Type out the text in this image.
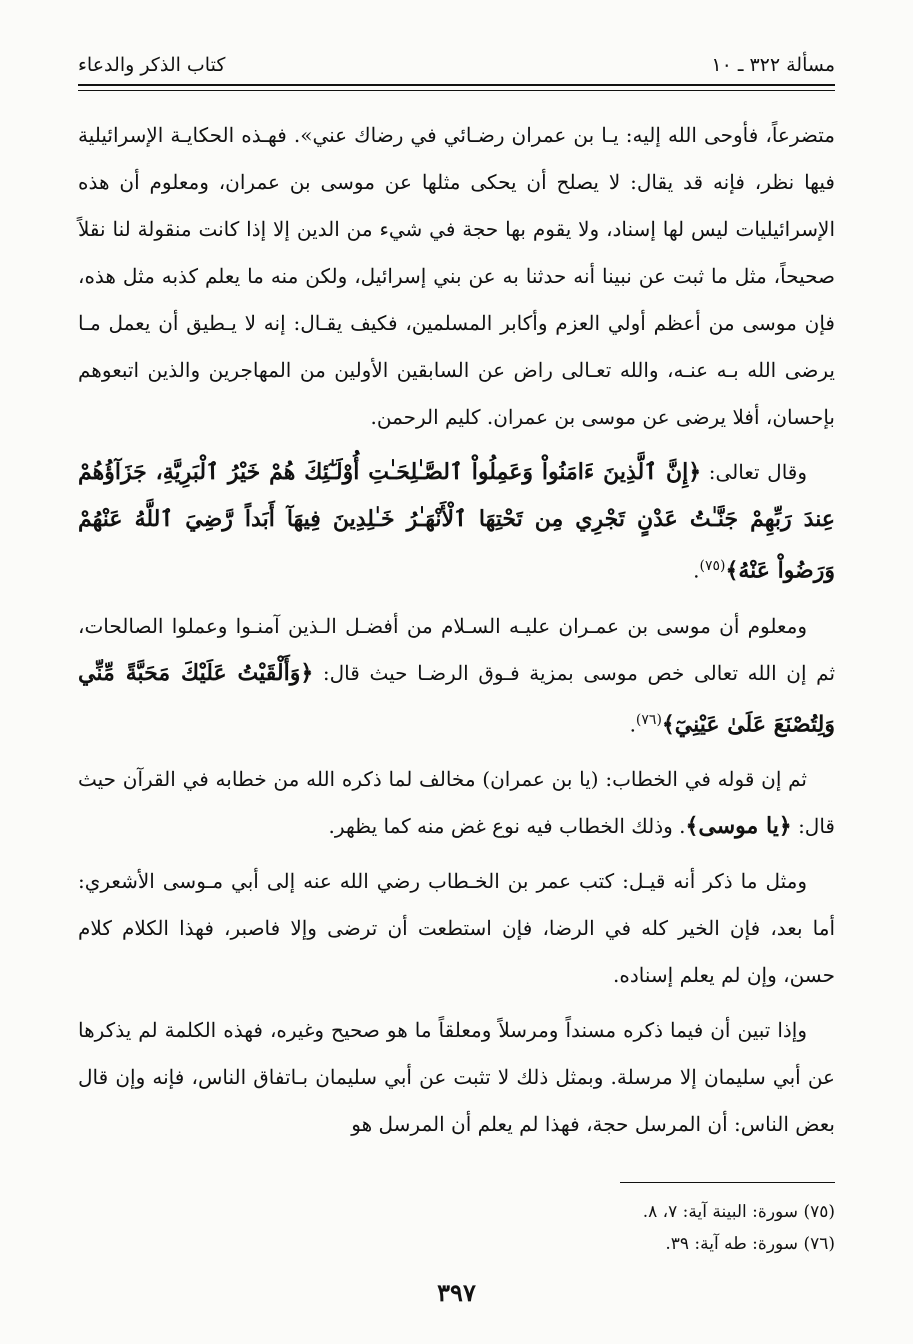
مسألة ٣٢٢ ـ ١٠
كتاب الذكر والدعاء

متضرعاً، فأوحى الله إليه: يـا بن عمران رضـائي في رضاك عني». فهـذه الحكايـة الإسرائيلية فيها نظر، فإنه قد يقال: لا يصلح أن يحكى مثلها عن موسى بن عمران، ومعلوم أن هذه الإسرائيليات ليس لها إسناد، ولا يقوم بها حجة في شيء من الدين إلا إذا كانت منقولة لنا نقلاً صحيحاً، مثل ما ثبت عن نبينا أنه حدثنا به عن بني إسرائيل، ولكن منه ما يعلم كذبه مثل هذه، فإن موسى من أعظم أولي العزم وأكابر المسلمين، فكيف يقـال: إنه لا يـطيق أن يعمل مـا يرضى الله بـه عنـه، والله تعـالى راض عن السابقين الأولين من المهاجرين والذين اتبعوهم بإحسان، أفلا يرضى عن موسى بن عمران. كليم الرحمن.

وقال تعالى: ﴿إِنَّ ٱلَّذِينَ ءَامَنُواْ وَعَمِلُواْ ٱلصَّـٰلِحَـٰتِ أُوْلَـٰٓئِكَ هُمْ خَيْرُ ٱلْبَرِيَّةِ، جَزَآؤُهُمْ عِندَ رَبِّهِمْ جَنَّـٰتُ عَدْنٍ تَجْرِي مِن تَحْتِهَا ٱلْأَنْهَـٰرُ خَـٰلِدِينَ فِيهَآ أَبَداً رَّضِيَ ٱللَّهُ عَنْهُمْ وَرَضُواْ عَنْهُ﴾$^{(٧٥)}$.

ومعلوم أن موسى بن عمـران عليـه السـلام من أفضـل الـذين آمنـوا وعملوا الصالحات، ثم إن الله تعالى خص موسى بمزية فـوق الرضـا حيث قال: ﴿وَأَلْقَيْتُ عَلَيْكَ مَحَبَّةً مِّنِّي وَلِتُصْنَعَ عَلَىٰ عَيْنِيٓ﴾$^{(٧٦)}$.

ثم إن قوله في الخطاب: (يا بن عمران) مخالف لما ذكره الله من خطابه في القرآن حيث قال: ﴿يا موسى﴾. وذلك الخطاب فيه نوع غض منه كما يظهر.

ومثل ما ذكر أنه قيـل: كتب عمر بن الخـطاب رضي الله عنه إلى أبي مـوسى الأشعري: أما بعد، فإن الخير كله في الرضا، فإن استطعت أن ترضى وإلا فاصبر، فهذا الكلام كلام حسن، وإن لم يعلم إسناده.

وإذا تبين أن فيما ذكره مسنداً ومرسلاً ومعلقاً ما هو صحيح وغيره، فهذه الكلمة لم يذكرها عن أبي سليمان إلا مرسلة. وبمثل ذلك لا تثبت عن أبي سليمان بـاتفاق الناس، فإنه وإن قال بعض الناس: أن المرسل حجة، فهذا لم يعلم أن المرسل هو

(٧٥) سورة: البينة آية: ٧، ٨.
(٧٦) سورة: طه آية: ٣٩.
٣٩٧
